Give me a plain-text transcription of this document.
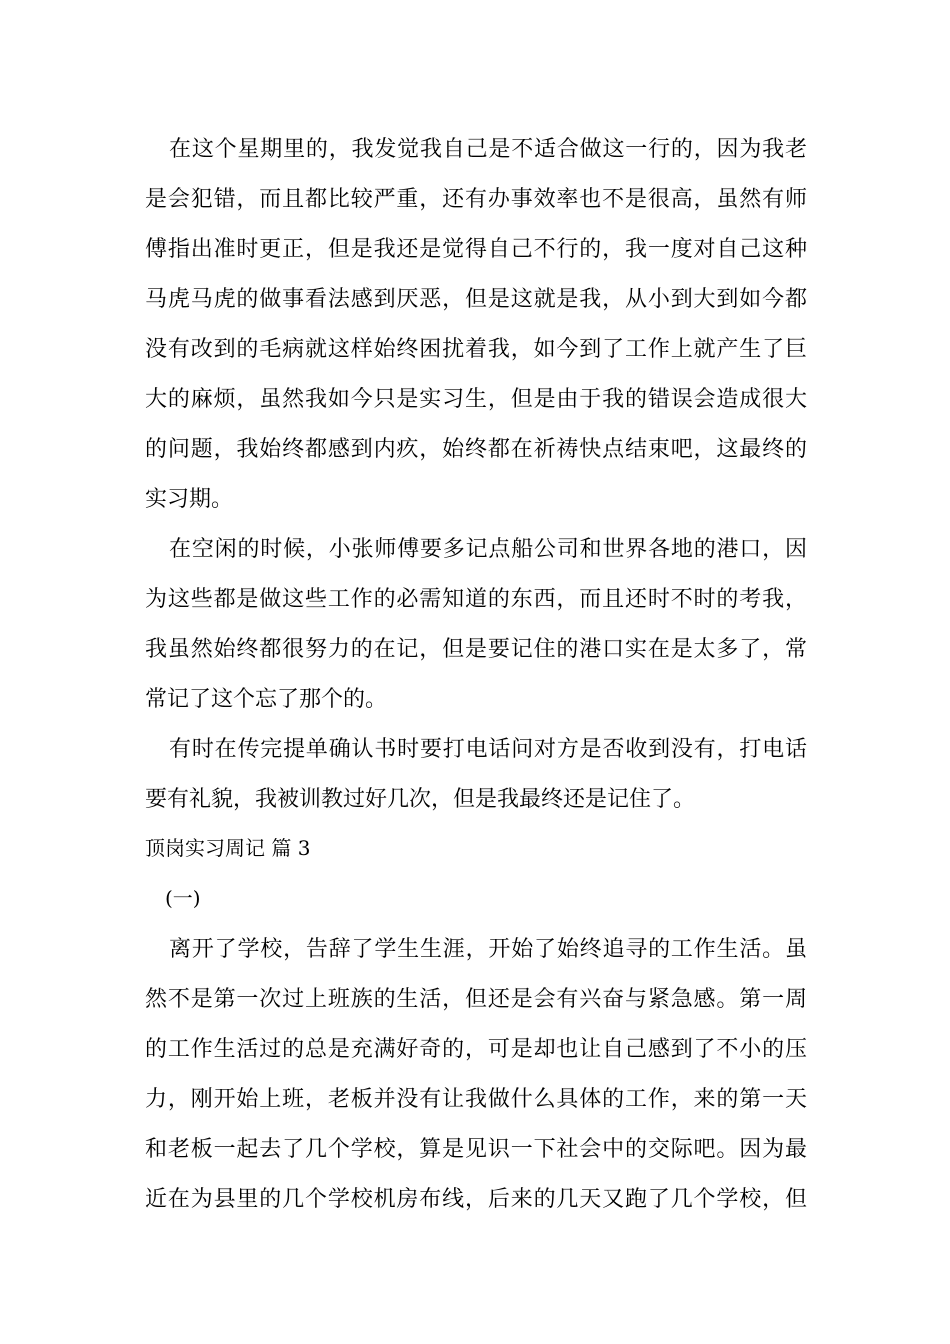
在这个星期里的，我发觉我自己是不适合做这一行的，因为我老
是会犯错，而且都比较严重，还有办事效率也不是很高，虽然有师
傅指出准时更正，但是我还是觉得自己不行的，我一度对自己这种
马虎马虎的做事看法感到厌恶，但是这就是我，从小到大到如今都
没有改到的毛病就这样始终困扰着我，如今到了工作上就产生了巨
大的麻烦，虽然我如今只是实习生，但是由于我的错误会造成很大
的问题，我始终都感到内疚，始终都在祈祷快点结束吧，这最终的
实习期。
在空闲的时候，小张师傅要多记点船公司和世界各地的港口，因
为这些都是做这些工作的必需知道的东西，而且还时不时的考我，
我虽然始终都很努力的在记，但是要记住的港口实在是太多了，常
常记了这个忘了那个的。
有时在传完提单确认书时要打电话问对方是否收到没有，打电话
要有礼貌，我被训教过好几次，但是我最终还是记住了。
顶岗实习周记 篇 3
(一)
离开了学校，告辞了学生生涯，开始了始终追寻的工作生活。虽
然不是第一次过上班族的生活，但还是会有兴奋与紧急感。第一周
的工作生活过的总是充满好奇的，可是却也让自己感到了不小的压
力，刚开始上班，老板并没有让我做什么具体的工作，来的第一天
和老板一起去了几个学校，算是见识一下社会中的交际吧。因为最
近在为县里的几个学校机房布线，后来的几天又跑了几个学校，但
